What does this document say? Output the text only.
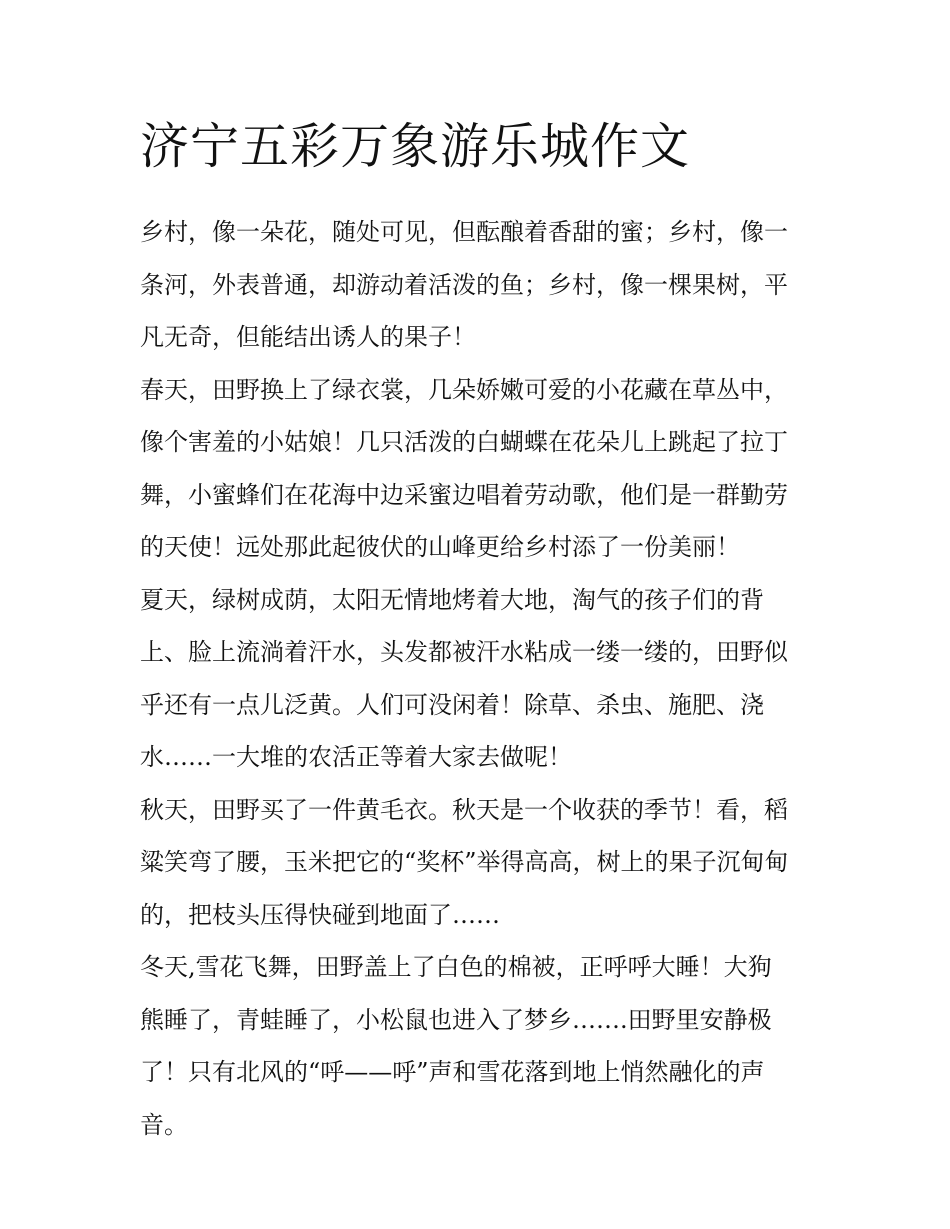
济宁五彩万象游乐城作文
乡村，像一朵花，随处可见，但酝酿着香甜的蜜；乡村，像一
条河，外表普通，却游动着活泼的鱼；乡村，像一棵果树，平
凡无奇，但能结出诱人的果子！
春天，田野换上了绿衣裳，几朵娇嫩可爱的小花藏在草丛中，
像个害羞的小姑娘！几只活泼的白蝴蝶在花朵儿上跳起了拉丁
舞，小蜜蜂们在花海中边采蜜边唱着劳动歌，他们是一群勤劳
的天使！远处那此起彼伏的山峰更给乡村添了一份美丽！
夏天，绿树成荫，太阳无情地烤着大地，淘气的孩子们的背
上、脸上流淌着汗水，头发都被汗水粘成一缕一缕的，田野似
乎还有一点儿泛黄。人们可没闲着！除草、杀虫、施肥、浇
水……一大堆的农活正等着大家去做呢！
秋天，田野买了一件黄毛衣。秋天是一个收获的季节！看，稻
粱笑弯了腰，玉米把它的“奖杯”举得高高，树上的果子沉甸甸
的，把枝头压得快碰到地面了……
冬天,雪花飞舞，田野盖上了白色的棉被，正呼呼大睡！大狗
熊睡了，青蛙睡了，小松鼠也进入了梦乡…….田野里安静极
了！只有北风的“呼——呼”声和雪花落到地上悄然融化的声
音。
